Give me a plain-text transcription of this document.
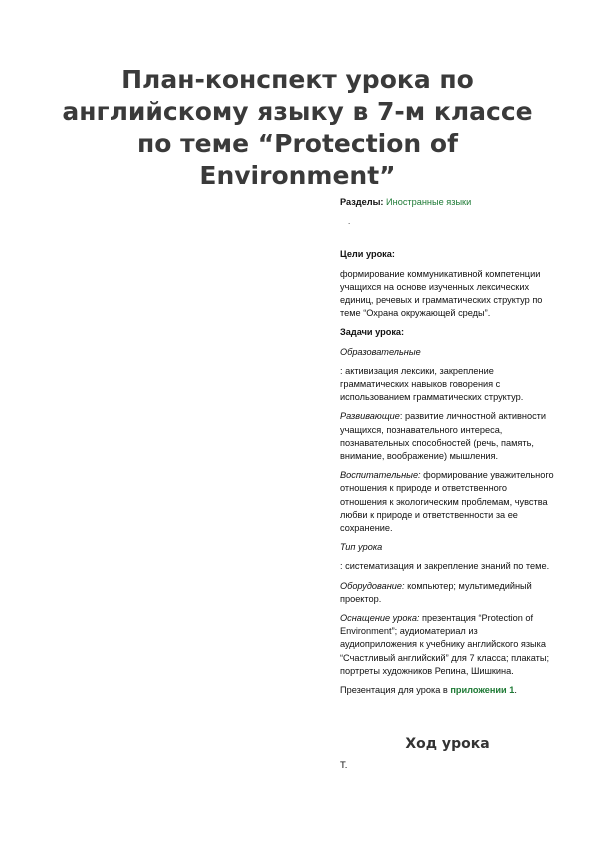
План-конспект урока по английскому языку в 7-м классе по теме “Protection of Environment”

Разделы: Иностранные языки

.

Цели урока:

формирование коммуникативной компетенции учащихся на основе изученных лексических единиц, речевых и грамматических структур по теме “Охрана окружающей среды”.

Задачи урока:

Образовательные

: активизация лексики, закрепление грамматических навыков говорения с использованием грамматических структур.

Развивающие: развитие личностной активности учащихся, познавательного интереса, познавательных способностей (речь, память, внимание, воображение) мышления.

Воспитательные: формирование уважительного отношения к природе и ответственного отношения к экологическим проблемам, чувства любви к природе и ответственности за ее сохранение.

Тип урока

: систематизация и закрепление знаний по теме.

Оборудование: компьютер; мультимедийный проектор.

Оснащение урока: презентация “Protection of Environment”; аудиоматериал из аудиоприложения к учебнику английского языка “Счастливый английский” для 7 класса; плакаты; портреты художников Репина, Шишкина.

Презентация для урока в приложении 1.

Ход урока
Т.
